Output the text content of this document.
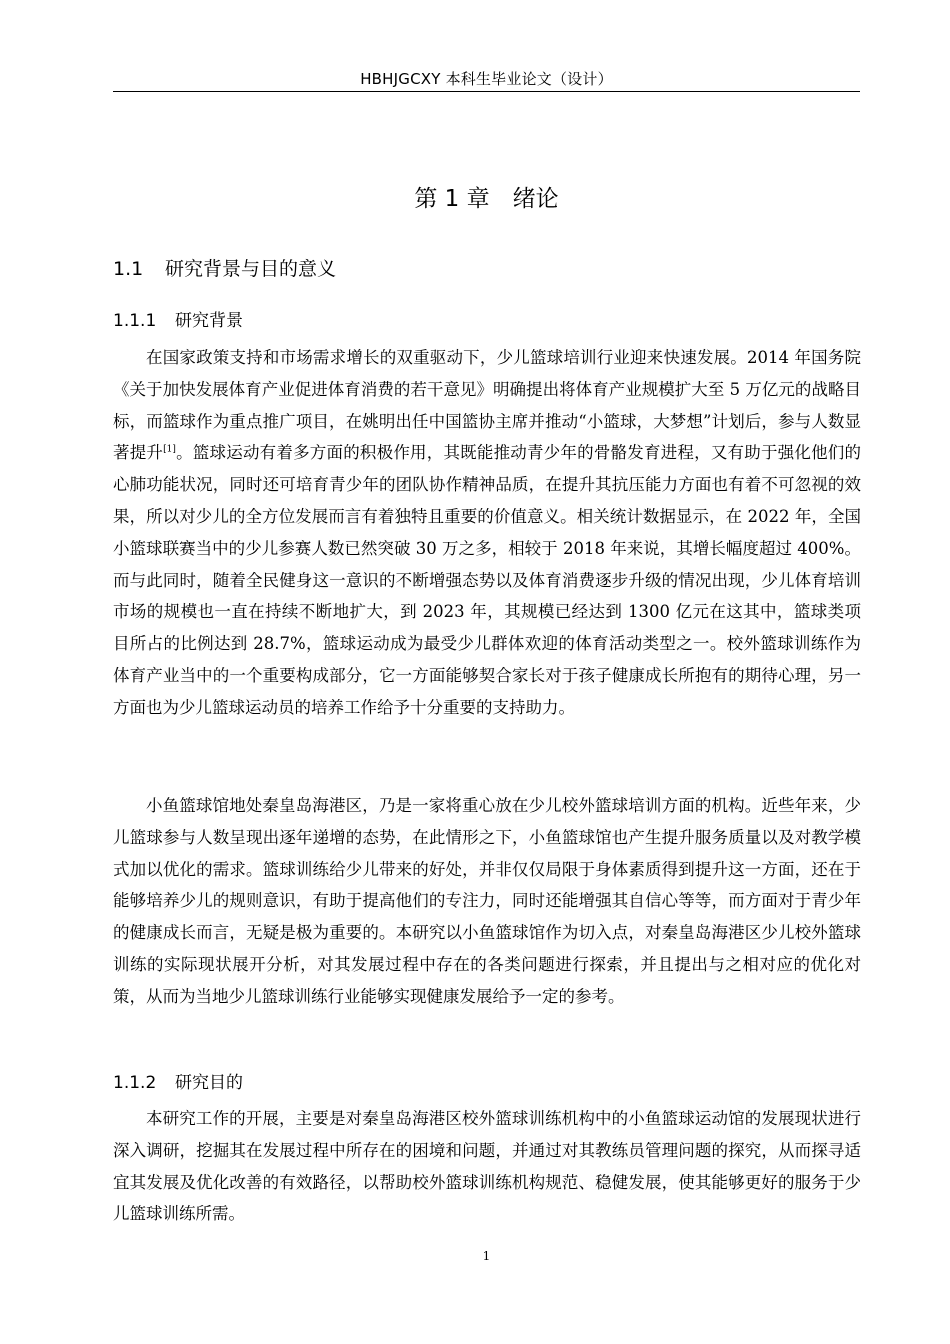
HBHJGCXY 本科生毕业论文（设计）
第 1 章　绪论
1.1 研究背景与目的意义
1.1.1 研究背景

在国家政策支持和市场需求增长的双重驱动下，少儿篮球培训行业迎来快速发展。2014 年国务院《关于加快发展体育产业促进体育消费的若干意见》明确提出将体育产业规模扩大至 5 万亿元的战略目标，而篮球作为重点推广项目，在姚明出任中国篮协主席并推动“小篮球，大梦想”计划后，参与人数显著提升[1]。篮球运动有着多方面的积极作用，其既能推动青少年的骨骼发育进程，又有助于强化他们的心肺功能状况，同时还可培育青少年的团队协作精神品质，在提升其抗压能力方面也有着不可忽视的效果，所以对少儿的全方位发展而言有着独特且重要的价值意义。相关统计数据显示，在 2022 年，全国小篮球联赛当中的少儿参赛人数已然突破 30 万之多，相较于 2018 年来说，其增长幅度超过 400%。而与此同时，随着全民健身这一意识的不断增强态势以及体育消费逐步升级的情况出现，少儿体育培训市场的规模也一直在持续不断地扩大，到 2023 年，其规模已经达到 1300 亿元在这其中，篮球类项目所占的比例达到 28.7%，篮球运动成为最受少儿群体欢迎的体育活动类型之一。校外篮球训练作为体育产业当中的一个重要构成部分，它一方面能够契合家长对于孩子健康成长所抱有的期待心理，另一方面也为少儿篮球运动员的培养工作给予十分重要的支持助力。

小鱼篮球馆地处秦皇岛海港区，乃是一家将重心放在少儿校外篮球培训方面的机构。近些年来，少儿篮球参与人数呈现出逐年递增的态势，在此情形之下，小鱼篮球馆也产生提升服务质量以及对教学模式加以优化的需求。篮球训练给少儿带来的好处，并非仅仅局限于身体素质得到提升这一方面，还在于能够培养少儿的规则意识，有助于提高他们的专注力，同时还能增强其自信心等等，而方面对于青少年的健康成长而言，无疑是极为重要的。本研究以小鱼篮球馆作为切入点，对秦皇岛海港区少儿校外篮球训练的实际现状展开分析，对其发展过程中存在的各类问题进行探索，并且提出与之相对应的优化对策，从而为当地少儿篮球训练行业能够实现健康发展给予一定的参考。

1.1.2 研究目的

本研究工作的开展，主要是对秦皇岛海港区校外篮球训练机构中的小鱼篮球运动馆的发展现状进行深入调研，挖掘其在发展过程中所存在的困境和问题，并通过对其教练员管理问题的探究，从而探寻适宜其发展及优化改善的有效路径，以帮助校外篮球训练机构规范、稳健发展，使其能够更好的服务于少儿篮球训练所需。

1
